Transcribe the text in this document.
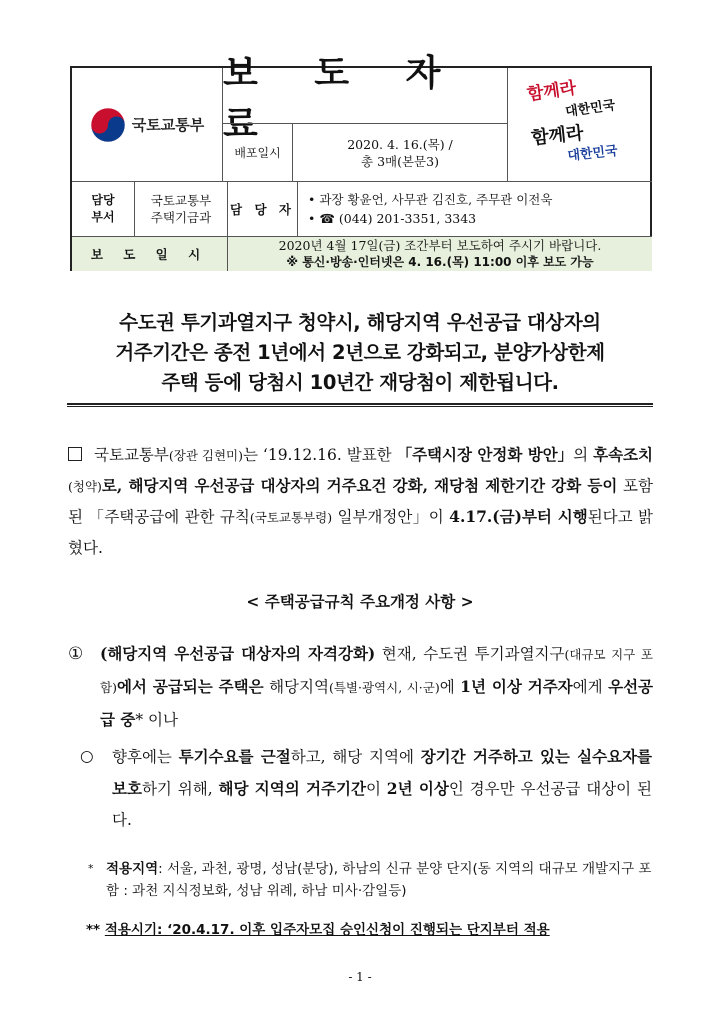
국토교통부
보 도 자 료
배포일시
2020. 4. 16.(목) /
총 3매(본문3)
함께라
대한민국
함께라
대한민국
담당
부서
국토교통부
주택기금과
담 당 자
• 과장 황윤언, 사무관 김진호, 주무관 이전욱
• ☎ (044) 201-3351, 3343
보 도 일 시
2020년 4월 17일(금) 조간부터 보도하여 주시기 바랍니다.
※ 통신·방송·인터넷은 4. 16.(목) 11:00 이후 보도 가능
수도권 투기과열지구 청약시, 해당지역 우선공급 대상자의
거주기간은 종전 1년에서 2년으로 강화되고, 분양가상한제
주택 등에 당첨시 10년간 재당첨이 제한됩니다.
국토교통부(장관 김현미)는 ‘19.12.16. 발표한 「주택시장 안정화 방안」의 후속조치(청약)로, 해당지역 우선공급 대상자의 거주요건 강화, 재당첨 제한기간 강화 등이 포함된 「주택공급에 관한 규칙(국토교통부령) 일부개정안」이 4.17.(금)부터 시행된다고 밝혔다.
< 주택공급규칙 주요개정 사항 >
①	(해당지역 우선공급 대상자의 자격강화) 현재, 수도권 투기과열지구(대규모 지구 포함)에서 공급되는 주택은 해당지역(특별·광역시, 시·군)에 1년 이상 거주자에게 우선공급 중* 이나
○	향후에는 투기수요를 근절하고, 해당 지역에 장기간 거주하고 있는 실수요자를 보호하기 위해, 해당 지역의 거주기간이 2년 이상인 경우만 우선공급 대상이 된다.
* 적용지역: 서울, 과천, 광명, 성남(분당), 하남의 신규 분양 단지(동 지역의 대규모 개발지구 포함 : 과천 지식정보화, 성남 위례, 하남 미사·감일등)
** 적용시기: ‘20.4.17. 이후 입주자모집 승인신청이 진행되는 단지부터 적용
- 1 -
